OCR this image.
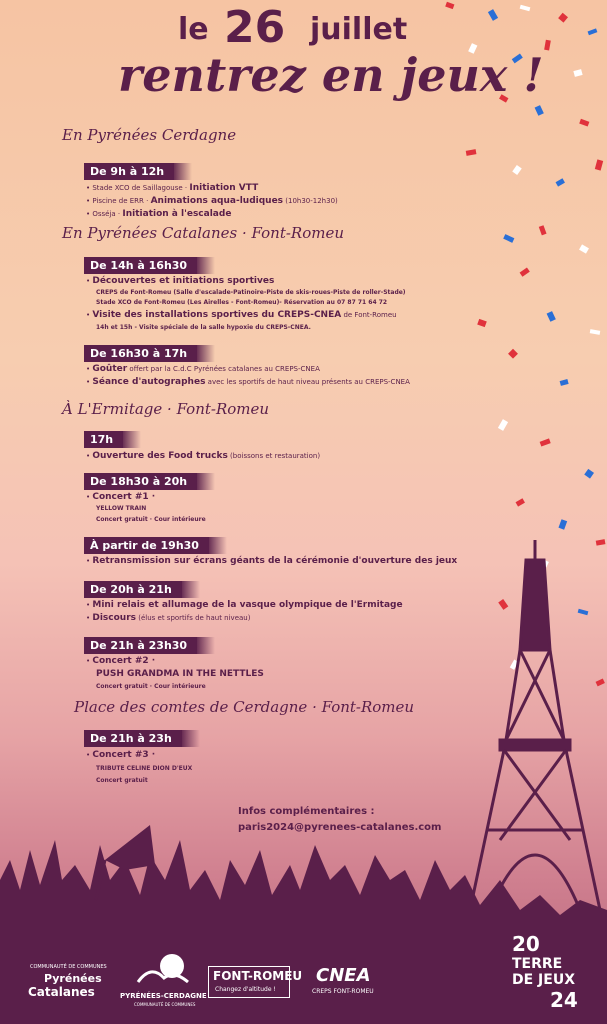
le 26 juillet
rentrez en jeux !
En Pyrénées Cerdagne
En Pyrénées Catalanes · Font-Romeu
À L'Ermitage · Font-Romeu
Place des comtes de Cerdagne · Font-Romeu
De 9h à 12h
• Stade XCO de Saillagouse · Initiation VTT
• Piscine de ERR · Animations aqua-ludiques (10h30-12h30)
• Osséja · Initiation à l'escalade
De 14h à 16h30
• Découvertes et initiations sportives
CREPS de Font-Romeu (Salle d'escalade-Patinoire-Piste de skis-roues-Piste de roller-Stade)
Stade XCO de Font-Romeu (Les Airelles - Font-Romeu)- Réservation au 07 87 71 64 72
• Visite des installations sportives du CREPS-CNEA de Font-Romeu
14h et 15h - Visite spéciale de la salle hypoxie du CREPS-CNEA.
De 16h30 à 17h
• Goûter offert par la C.d.C Pyrénées catalanes au CREPS-CNEA
• Séance d'autographes avec les sportifs de haut niveau présents au CREPS-CNEA
17h
• Ouverture des Food trucks (boissons et restauration)
De 18h30 à 20h
• Concert #1 ·
YELLOW TRAIN
Concert gratuit · Cour intérieure
À partir de 19h30
• Retransmission sur écrans géants de la cérémonie d'ouverture des jeux
De 20h à 21h
• Mini relais et allumage de la vasque olympique de l'Ermitage
• Discours (élus et sportifs de haut niveau)
De 21h à 23h30
• Concert #2 ·
PUSH GRANDMA IN THE NETTLES
Concert gratuit · Cour intérieure
De 21h à 23h
• Concert #3 ·
TRIBUTE CELINE DION D'EUX
Concert gratuit
Infos complémentaires :
paris2024@pyrenees-catalanes.com
COMMUNAUTÉ DE COMMUNES
Pyrénées
Catalanes	PYRÉNÉES-CERDAGNE
COMMUNAUTÉ DE COMMUNES
FONT-ROMEU
Changez d'altitude !
CNEA
CREPS FONT-ROMEU
20
TERRE
DE JEUX
24
